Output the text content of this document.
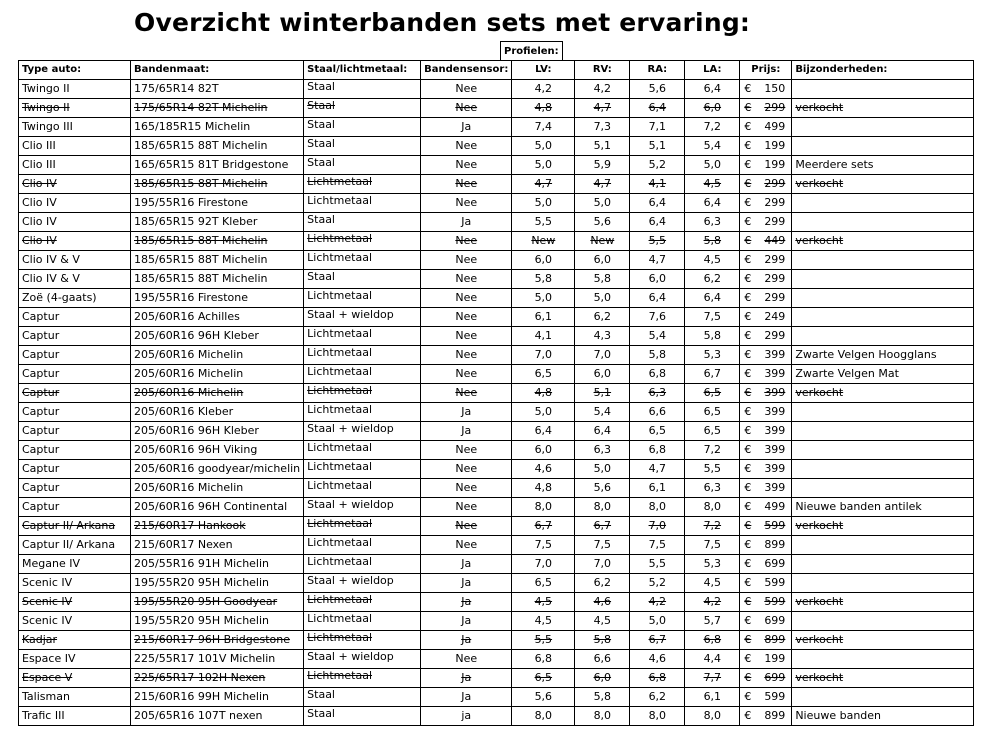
Overzicht winterbanden sets met ervaring:
Profielen:
Type auto:	Bandenmaat:	Staal/lichtmetaal:	Bandensensor:	LV:	RV:	RA:	LA:	Prijs:	Bijzonderheden:
Twingo II	175/65R14 82T	Staal	Nee	4,2	4,2	5,6	6,4	€ 150	
Twingo II	175/65R14 82T Michelin	Staal	Nee	4,8	4,7	6,4	6,0	€ 299	verkocht
Twingo III	165/185R15 Michelin	Staal	Ja	7,4	7,3	7,1	7,2	€ 499	
Clio III	185/65R15 88T Michelin	Staal	Nee	5,0	5,1	5,1	5,4	€ 199	
Clio III	165/65R15 81T Bridgestone	Staal	Nee	5,0	5,9	5,2	5,0	€ 199	Meerdere sets
Clio IV	185/65R15 88T Michelin	Lichtmetaal	Nee	4,7	4,7	4,1	4,5	€ 299	verkocht
Clio IV	195/55R16 Firestone	Lichtmetaal	Nee	5,0	5,0	6,4	6,4	€ 299	
Clio IV	185/65R15 92T Kleber	Staal	Ja	5,5	5,6	6,4	6,3	€ 299	
Clio IV	185/65R15 88T Michelin	Lichtmetaal	Nee	New	New	5,5	5,8	€ 449	verkocht
Clio IV & V	185/65R15 88T Michelin	Lichtmetaal	Nee	6,0	6,0	4,7	4,5	€ 299	
Clio IV & V	185/65R15 88T Michelin	Staal	Nee	5,8	5,8	6,0	6,2	€ 299	
Zoë (4-gaats)	195/55R16 Firestone	Lichtmetaal	Nee	5,0	5,0	6,4	6,4	€ 299	
Captur	205/60R16 Achilles	Staal + wieldop	Nee	6,1	6,2	7,6	7,5	€ 249	
Captur	205/60R16 96H Kleber	Lichtmetaal	Nee	4,1	4,3	5,4	5,8	€ 299	
Captur	205/60R16 Michelin	Lichtmetaal	Nee	7,0	7,0	5,8	5,3	€ 399	Zwarte Velgen Hoogglans
Captur	205/60R16 Michelin	Lichtmetaal	Nee	6,5	6,0	6,8	6,7	€ 399	Zwarte Velgen Mat
Captur	205/60R16 Michelin	Lichtmetaal	Nee	4,8	5,1	6,3	6,5	€ 399	verkocht
Captur	205/60R16 Kleber	Lichtmetaal	Ja	5,0	5,4	6,6	6,5	€ 399	
Captur	205/60R16 96H Kleber	Staal + wieldop	Ja	6,4	6,4	6,5	6,5	€ 399	
Captur	205/60R16 96H Viking	Lichtmetaal	Nee	6,0	6,3	6,8	7,2	€ 399	
Captur	205/60R16 goodyear/michelin	Lichtmetaal	Nee	4,6	5,0	4,7	5,5	€ 399	
Captur	205/60R16 Michelin	Lichtmetaal	Nee	4,8	5,6	6,1	6,3	€ 399	
Captur	205/60R16 96H Continental	Staal + wieldop	Nee	8,0	8,0	8,0	8,0	€ 499	Nieuwe banden antilek
Captur II/ Arkana	215/60R17 Hankook	Lichtmetaal	Nee	6,7	6,7	7,0	7,2	€ 599	verkocht
Captur II/ Arkana	215/60R17 Nexen	Lichtmetaal	Nee	7,5	7,5	7,5	7,5	€ 899	
Megane IV	205/55R16 91H Michelin	Lichtmetaal	Ja	7,0	7,0	5,5	5,3	€ 699	
Scenic IV	195/55R20 95H Michelin	Staal + wieldop	Ja	6,5	6,2	5,2	4,5	€ 599	
Scenic IV	195/55R20 95H Goodyear	Lichtmetaal	Ja	4,5	4,6	4,2	4,2	€ 599	verkocht
Scenic IV	195/55R20 95H Michelin	Lichtmetaal	Ja	4,5	4,5	5,0	5,7	€ 699	
Kadjar	215/60R17 96H Bridgestone	Lichtmetaal	Ja	5,5	5,8	6,7	6,8	€ 899	verkocht
Espace IV	225/55R17 101V Michelin	Staal + wieldop	Nee	6,8	6,6	4,6	4,4	€ 199	
Espace V	225/65R17 102H Nexen	Lichtmetaal	Ja	6,5	6,0	6,8	7,7	€ 699	verkocht
Talisman	215/60R16 99H Michelin	Staal	Ja	5,6	5,8	6,2	6,1	€ 599	
Trafic III	205/65R16 107T nexen	Staal	ja	8,0	8,0	8,0	8,0	€ 899	Nieuwe banden
